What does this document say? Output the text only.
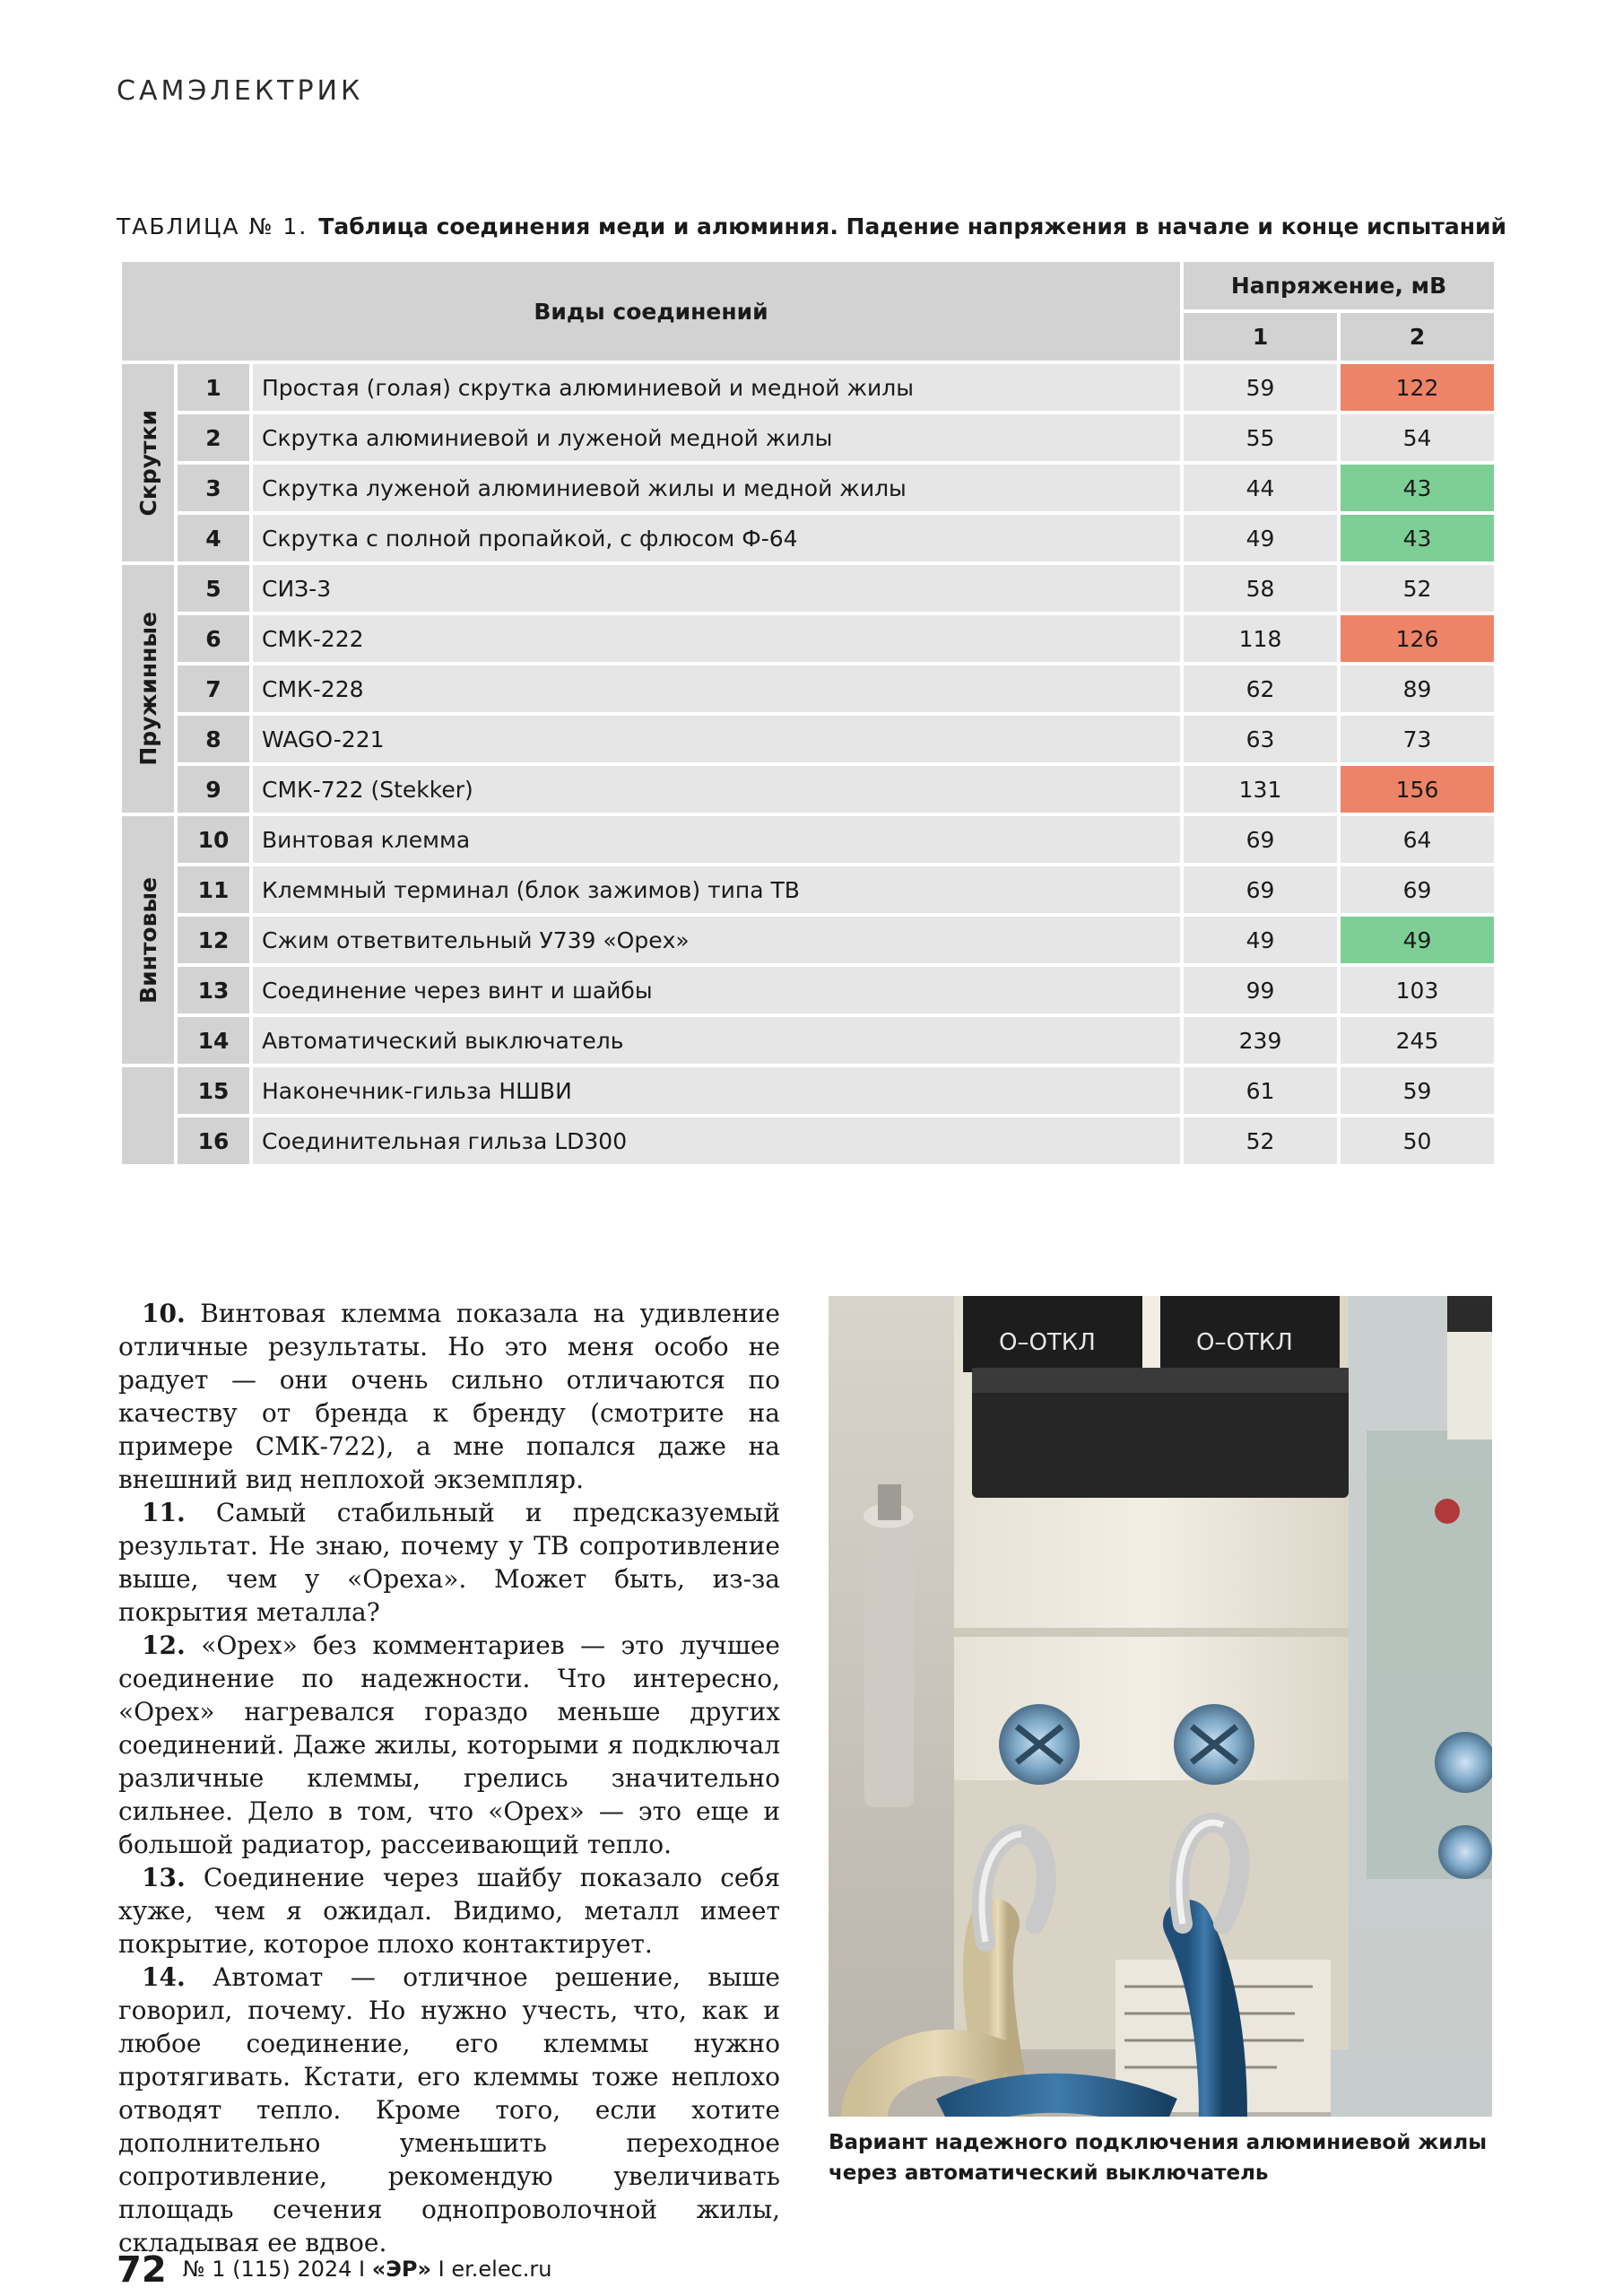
САМЭЛЕКТРИК
ТАБЛИЦА № 1. Таблица соединения меди и алюминия. Падение напряжения в начале и конце испытаний
Виды соединений			Напряжение, мВ	
			1	2

Скрутки	1	Простая (голая) скрутка алюминиевой и медной жилы	59	122
	2	Скрутка алюминиевой и луженой медной жилы	55	54
	3	Скрутка луженой алюминиевой жилы и медной жилы	44	43
	4	Скрутка с полной пропайкой, с флюсом Ф-64	49	43

Пружинные	5	СИЗ-3	58	52
	6	СМК-222	118	126
	7	СМК-228	62	89
	8	WAGO-221	63	73
	9	СМК-722 (Stekker)	131	156

Винтовые	10	Винтовая клемма	69	64
	11	Клеммный терминал (блок зажимов) типа ТВ	69	69
	12	Сжим ответвительный У739 «Орех»	49	49
	13	Соединение через винт и шайбы	99	103
	14	Автоматический выключатель	239	245

	15	Наконечник-гильза НШВИ	61	59
	16	Соединительная гильза LD300	52	50

10. Винтовая клемма показала на удивление отличные результаты. Но это меня особо не радует — они очень сильно отличаются по качеству от бренда к бренду (смотрите на примере СМК-722), а мне попался даже на внешний вид неплохой экземпляр.

11. Самый стабильный и предсказуемый результат. Не знаю, почему у ТВ сопротивление выше, чем у «Ореха». Может быть, из-за покрытия металла?

12. «Орех» без комментариев — это лучшее соединение по надежности. Что интересно, «Орех» нагревался гораздо меньше других соединений. Даже жилы, которыми я подключал различные клеммы, грелись значительно сильнее. Дело в том, что «Орех» — это еще и большой радиатор, рассеивающий тепло.

13. Соединение через шайбу показало себя хуже, чем я ожидал. Видимо, металл имеет покрытие, которое плохо контактирует.

14. Автомат — отличное решение, выше говорил, почему. Но нужно учесть, что, как и любое соединение, его клеммы нужно протягивать. Кстати, его клеммы тоже неплохо отводят тепло. Кроме того, если хотите дополнительно уменьшить переходное сопротивление, рекомендую увеличивать площадь сечения однопроволочной жилы, складывая ее вдвое.

О–ОТКЛ	О–ОТКЛ
Вариант надежного подключения алюминиевой жилы через автоматический выключатель
72 № 1 (115) 2024 I «ЭР» I er.elec.ru
